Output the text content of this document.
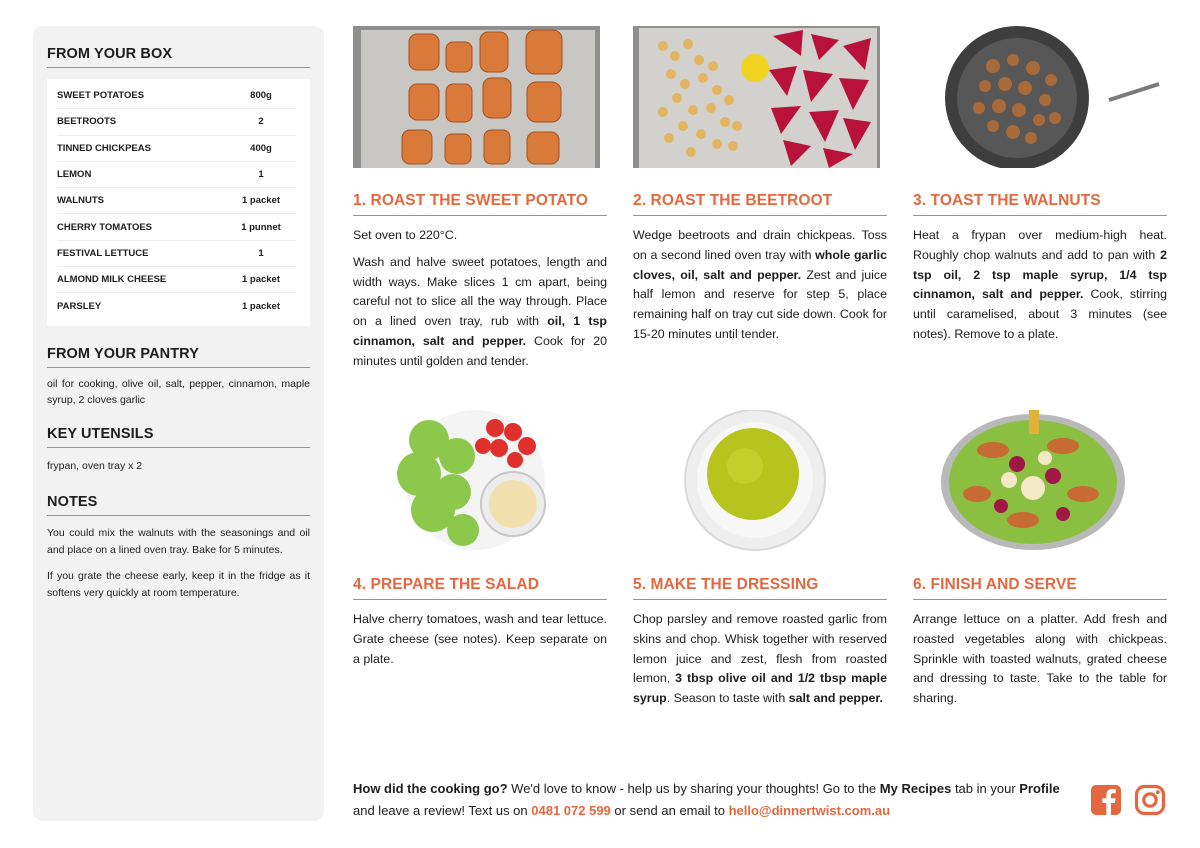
FROM YOUR BOX
SWEET POTATOES	800g
BEETROOTS	2
TINNED CHICKPEAS	400g
LEMON	1
WALNUTS	1 packet
CHERRY TOMATOES	1 punnet
FESTIVAL LETTUCE	1
ALMOND MILK CHEESE	1 packet
PARSLEY	1 packet
FROM YOUR PANTRY

oil for cooking, olive oil, salt, pepper, cinnamon, maple syrup, 2 cloves garlic

KEY UTENSILS

frypan, oven tray x 2

NOTES

You could mix the walnuts with the seasonings and oil and place on a lined oven tray. Bake for 5 minutes.

If you grate the cheese early, keep it in the fridge as it softens very quickly at room temperature.

1. ROAST THE SWEET POTATO

Set oven to 220°C.

Wash and halve sweet potatoes, length and width ways. Make slices 1 cm apart, being careful not to slice all the way through. Place on a lined oven tray, rub with oil, 1 tsp cinnamon, salt and pepper. Cook for 20 minutes until golden and tender.

2. ROAST THE BEETROOT

Wedge beetroots and drain chickpeas. Toss on a second lined oven tray with whole garlic cloves, oil, salt and pepper. Zest and juice half lemon and reserve for step 5, place remaining half on tray cut side down. Cook for 15-20 minutes until tender.

3. TOAST THE WALNUTS

Heat a frypan over medium-high heat. Roughly chop walnuts and add to pan with 2 tsp oil, 2 tsp maple syrup, 1/4 tsp cinnamon, salt and pepper. Cook, stirring until caramelised, about 3 minutes (see notes). Remove to a plate.

4. PREPARE THE SALAD

Halve cherry tomatoes, wash and tear lettuce. Grate cheese (see notes). Keep separate on a plate.

5. MAKE THE DRESSING

Chop parsley and remove roasted garlic from skins and chop. Whisk together with reserved lemon juice and zest, flesh from roasted lemon, 3 tbsp olive oil and 1/2 tbsp maple syrup. Season to taste with salt and pepper.

6. FINISH AND SERVE

Arrange lettuce on a platter. Add fresh and roasted vegetables along with chickpeas. Sprinkle with toasted walnuts, grated cheese and dressing to taste. Take to the table for sharing.

How did the cooking go? We'd love to know - help us by sharing your thoughts! Go to the My Recipes tab in your Profile and leave a review! Text us on 0481 072 599 or send an email to hello@dinnertwist.com.au
